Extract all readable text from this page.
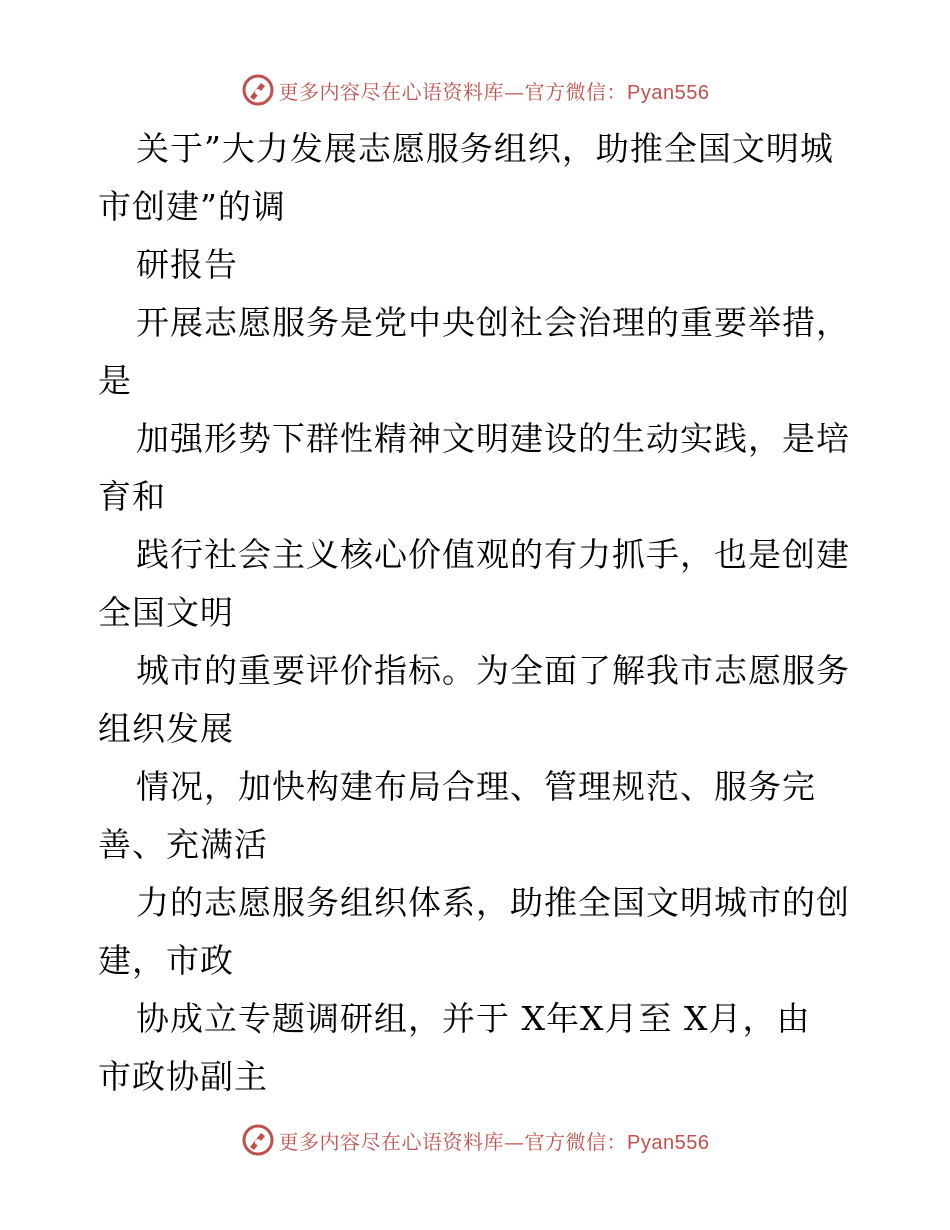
更多内容尽在心语资料库—官方微信：Pyan556
关于”大力发展志愿服务组织，助推全国文明城
市创建”的调
研报告
开展志愿服务是党中央创社会治理的重要举措，
是
加强形势下群性精神文明建设的生动实践，是培
育和
践行社会主义核心价值观的有力抓手，也是创建
全国文明
城市的重要评价指标。为全面了解我市志愿服务
组织发展
情况，加快构建布局合理、管理规范、服务完
善、充满活
力的志愿服务组织体系，助推全国文明城市的创
建，市政
协成立专题调研组，并于 X年X月至 X月，由
市政协副主
更多内容尽在心语资料库—官方微信：Pyan556
